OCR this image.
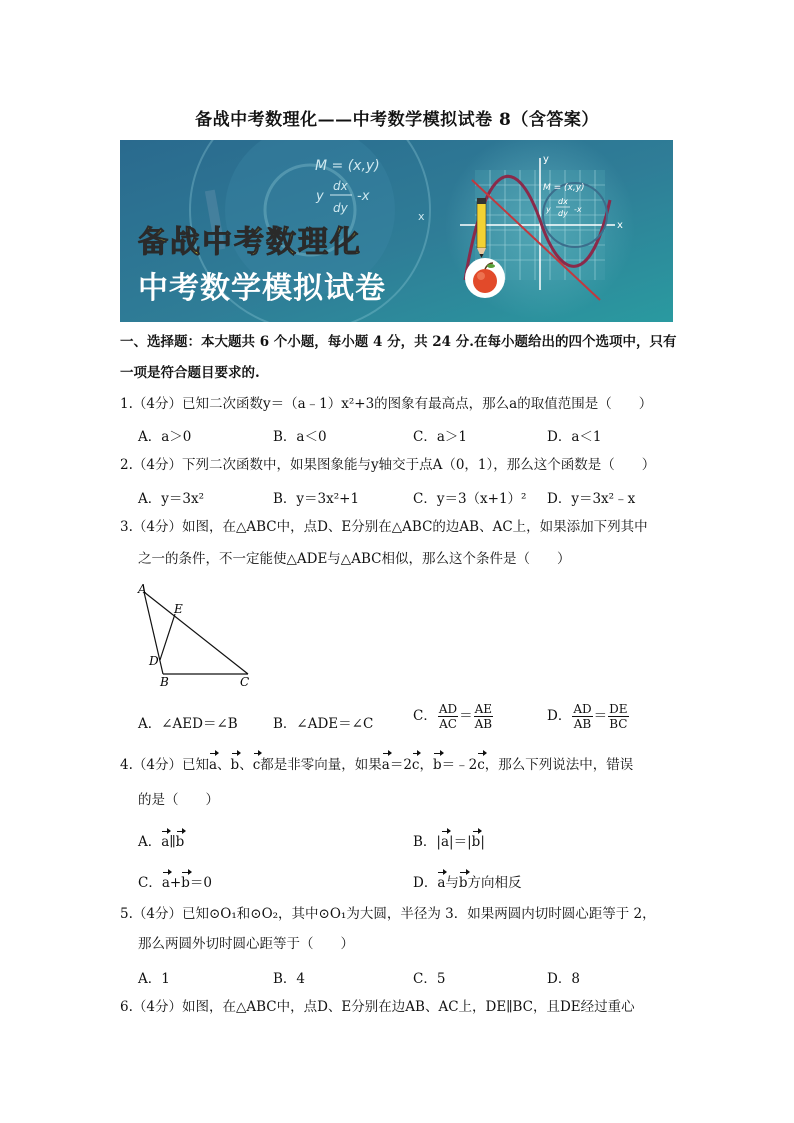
备战中考数理化——中考数学模拟试卷 8（含答案）
M = (x,y)
y
dx
dy
-x
x
x
y
M = (x,y)
y
dx
dy -x
备战中考数理化
中考数学模拟试卷
一、选择题：本大题共 6 个小题，每小题 4 分，共 24 分.在每小题给出的四个选项中，只有
一项是符合题目要求的.
1.（4分）已知二次函数y＝（a﹣1）x²+3的图象有最高点，那么a的取值范围是（　　）
A．a＞0	B．a＜0	C．a＞1	D．a＜1
2.（4分）下列二次函数中，如果图象能与y轴交于点A（0，1），那么这个函数是（　　）
A．y＝3x²	B．y＝3x²+1	C．y＝3（x+1）² D．y＝3x²﹣x
3.（4分）如图，在△ABC中，点D、E分别在△ABC的边AB、AC上，如果添加下列其中
之一的条件，不一定能使△ADE与△ABC相似，那么这个条件是（　　）
A
E
D
B	C
A．∠AED＝∠B	B．∠ADE＝∠C	C． $\frac{AD}{AC} = \frac{AE}{AB}$	D． $\frac{AD}{AB} = \frac{DE}{BC}$
4.（4分）已知a、b、c都是非零向量，如果a＝2c，b＝﹣2c，那么下列说法中，错误
的是（　　）
A．a∥b	B．|a|＝|b|
C．a+b＝0	D．a与b方向相反
5.（4分）已知⊙O₁和⊙O₂，其中⊙O₁为大圆，半径为 3．如果两圆内切时圆心距等于 2，
那么两圆外切时圆心距等于（　　）
A．1	B．4	C．5	D．8
6.（4分）如图，在△ABC中，点D、E分别在边AB、AC上，DE∥BC，且DE经过重心
